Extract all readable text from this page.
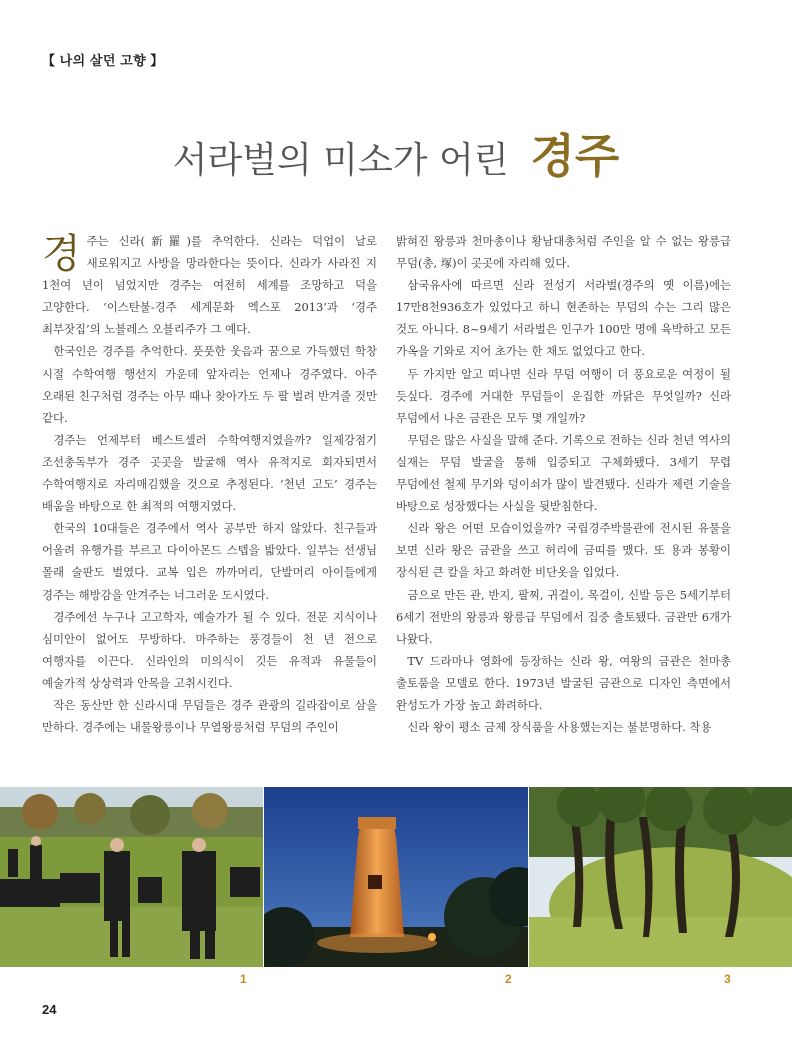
【 나의 살던 고향 】
서라벌의 미소가 어린 경주

경주는 신라(新羅)를 추억한다. 신라는 덕업이 날로 새로워지고 사방을 망라한다는 뜻이다. 신라가 사라진 지 1천여 년이 넘었지만 경주는 여전히 세계를 조망하고 덕을 고양한다. ‘이스탄불-경주 세계문화 엑스포 2013’과 ‘경주 최부잣집’의 노블레스 오블리주가 그 예다.

한국인은 경주를 추억한다. 풋풋한 웃음과 꿈으로 가득했던 학창 시절 수학여행 행선지 가운데 앞자리는 언제나 경주였다. 아주 오래된 친구처럼 경주는 아무 때나 찾아가도 두 팔 벌려 반겨줄 것만 같다.

경주는 언제부터 베스트셀러 수학여행지였을까? 일제강점기 조선총독부가 경주 곳곳을 발굴해 역사 유적지로 회자되면서 수학여행지로 자리매김했을 것으로 추정된다. ‘천년 고도’ 경주는 배움을 바탕으로 한 최적의 여행지였다.

한국의 10대들은 경주에서 역사 공부만 하지 않았다. 친구들과 어울려 유행가를 부르고 다이아몬드 스텝을 밟았다. 일부는 선생님 몰래 술판도 벌였다. 교복 입은 까까머리, 단발머리 아이들에게 경주는 해방감을 안겨주는 너그러운 도시였다.

경주에선 누구나 고고학자, 예술가가 될 수 있다. 전문 지식이나 심미안이 없어도 무방하다. 마주하는 풍경들이 천 년 전으로 여행자를 이끈다. 신라인의 미의식이 깃든 유적과 유물들이 예술가적 상상력과 안목을 고취시킨다.

작은 동산만 한 신라시대 무덤들은 경주 관광의 길라잡이로 삼을 만하다. 경주에는 내물왕릉이나 무열왕릉처럼 무덤의 주인이

밝혀진 왕릉과 천마총이나 황남대총처럼 주인을 알 수 없는 왕릉급 무덤(총, 塚)이 곳곳에 자리해 있다.

삼국유사에 따르면 신라 전성기 서라벌(경주의 옛 이름)에는 17만8천936호가 있었다고 하니 현존하는 무덤의 수는 그리 많은 것도 아니다. 8~9세기 서라벌은 인구가 100만 명에 육박하고 모든 가옥을 기와로 지어 초가는 한 채도 없었다고 한다.

두 가지만 알고 떠나면 신라 무덤 여행이 더 풍요로운 여정이 될 듯싶다. 경주에 거대한 무덤들이 운집한 까닭은 무엇일까? 신라 무덤에서 나온 금관은 모두 몇 개일까?

무덤은 많은 사실을 말해 준다. 기록으로 전하는 신라 천년 역사의 실재는 무덤 발굴을 통해 입증되고 구체화됐다. 3세기 무렵 무덤에선 철제 무기와 덩이쇠가 많이 발견됐다. 신라가 제련 기술을 바탕으로 성장했다는 사실을 뒷받침한다.

신라 왕은 어떤 모습이었을까? 국립경주박물관에 전시된 유물을 보면 신라 왕은 금관을 쓰고 허리에 금띠를 맸다. 또 용과 봉황이 장식된 큰 칼을 차고 화려한 비단옷을 입었다.

금으로 만든 관, 반지, 팔찌, 귀걸이, 목걸이, 신발 등은 5세기부터 6세기 전반의 왕릉과 왕릉급 무덤에서 집중 출토됐다. 금관만 6개가 나왔다.

TV 드라마나 영화에 등장하는 신라 왕, 여왕의 금관은 천마총 출토품을 모델로 한다. 1973년 발굴된 금관으로 디자인 측면에서 완성도가 가장 높고 화려하다.

신라 왕이 평소 금제 장식품을 사용했는지는 불분명하다. 착용

1	2	3
24
